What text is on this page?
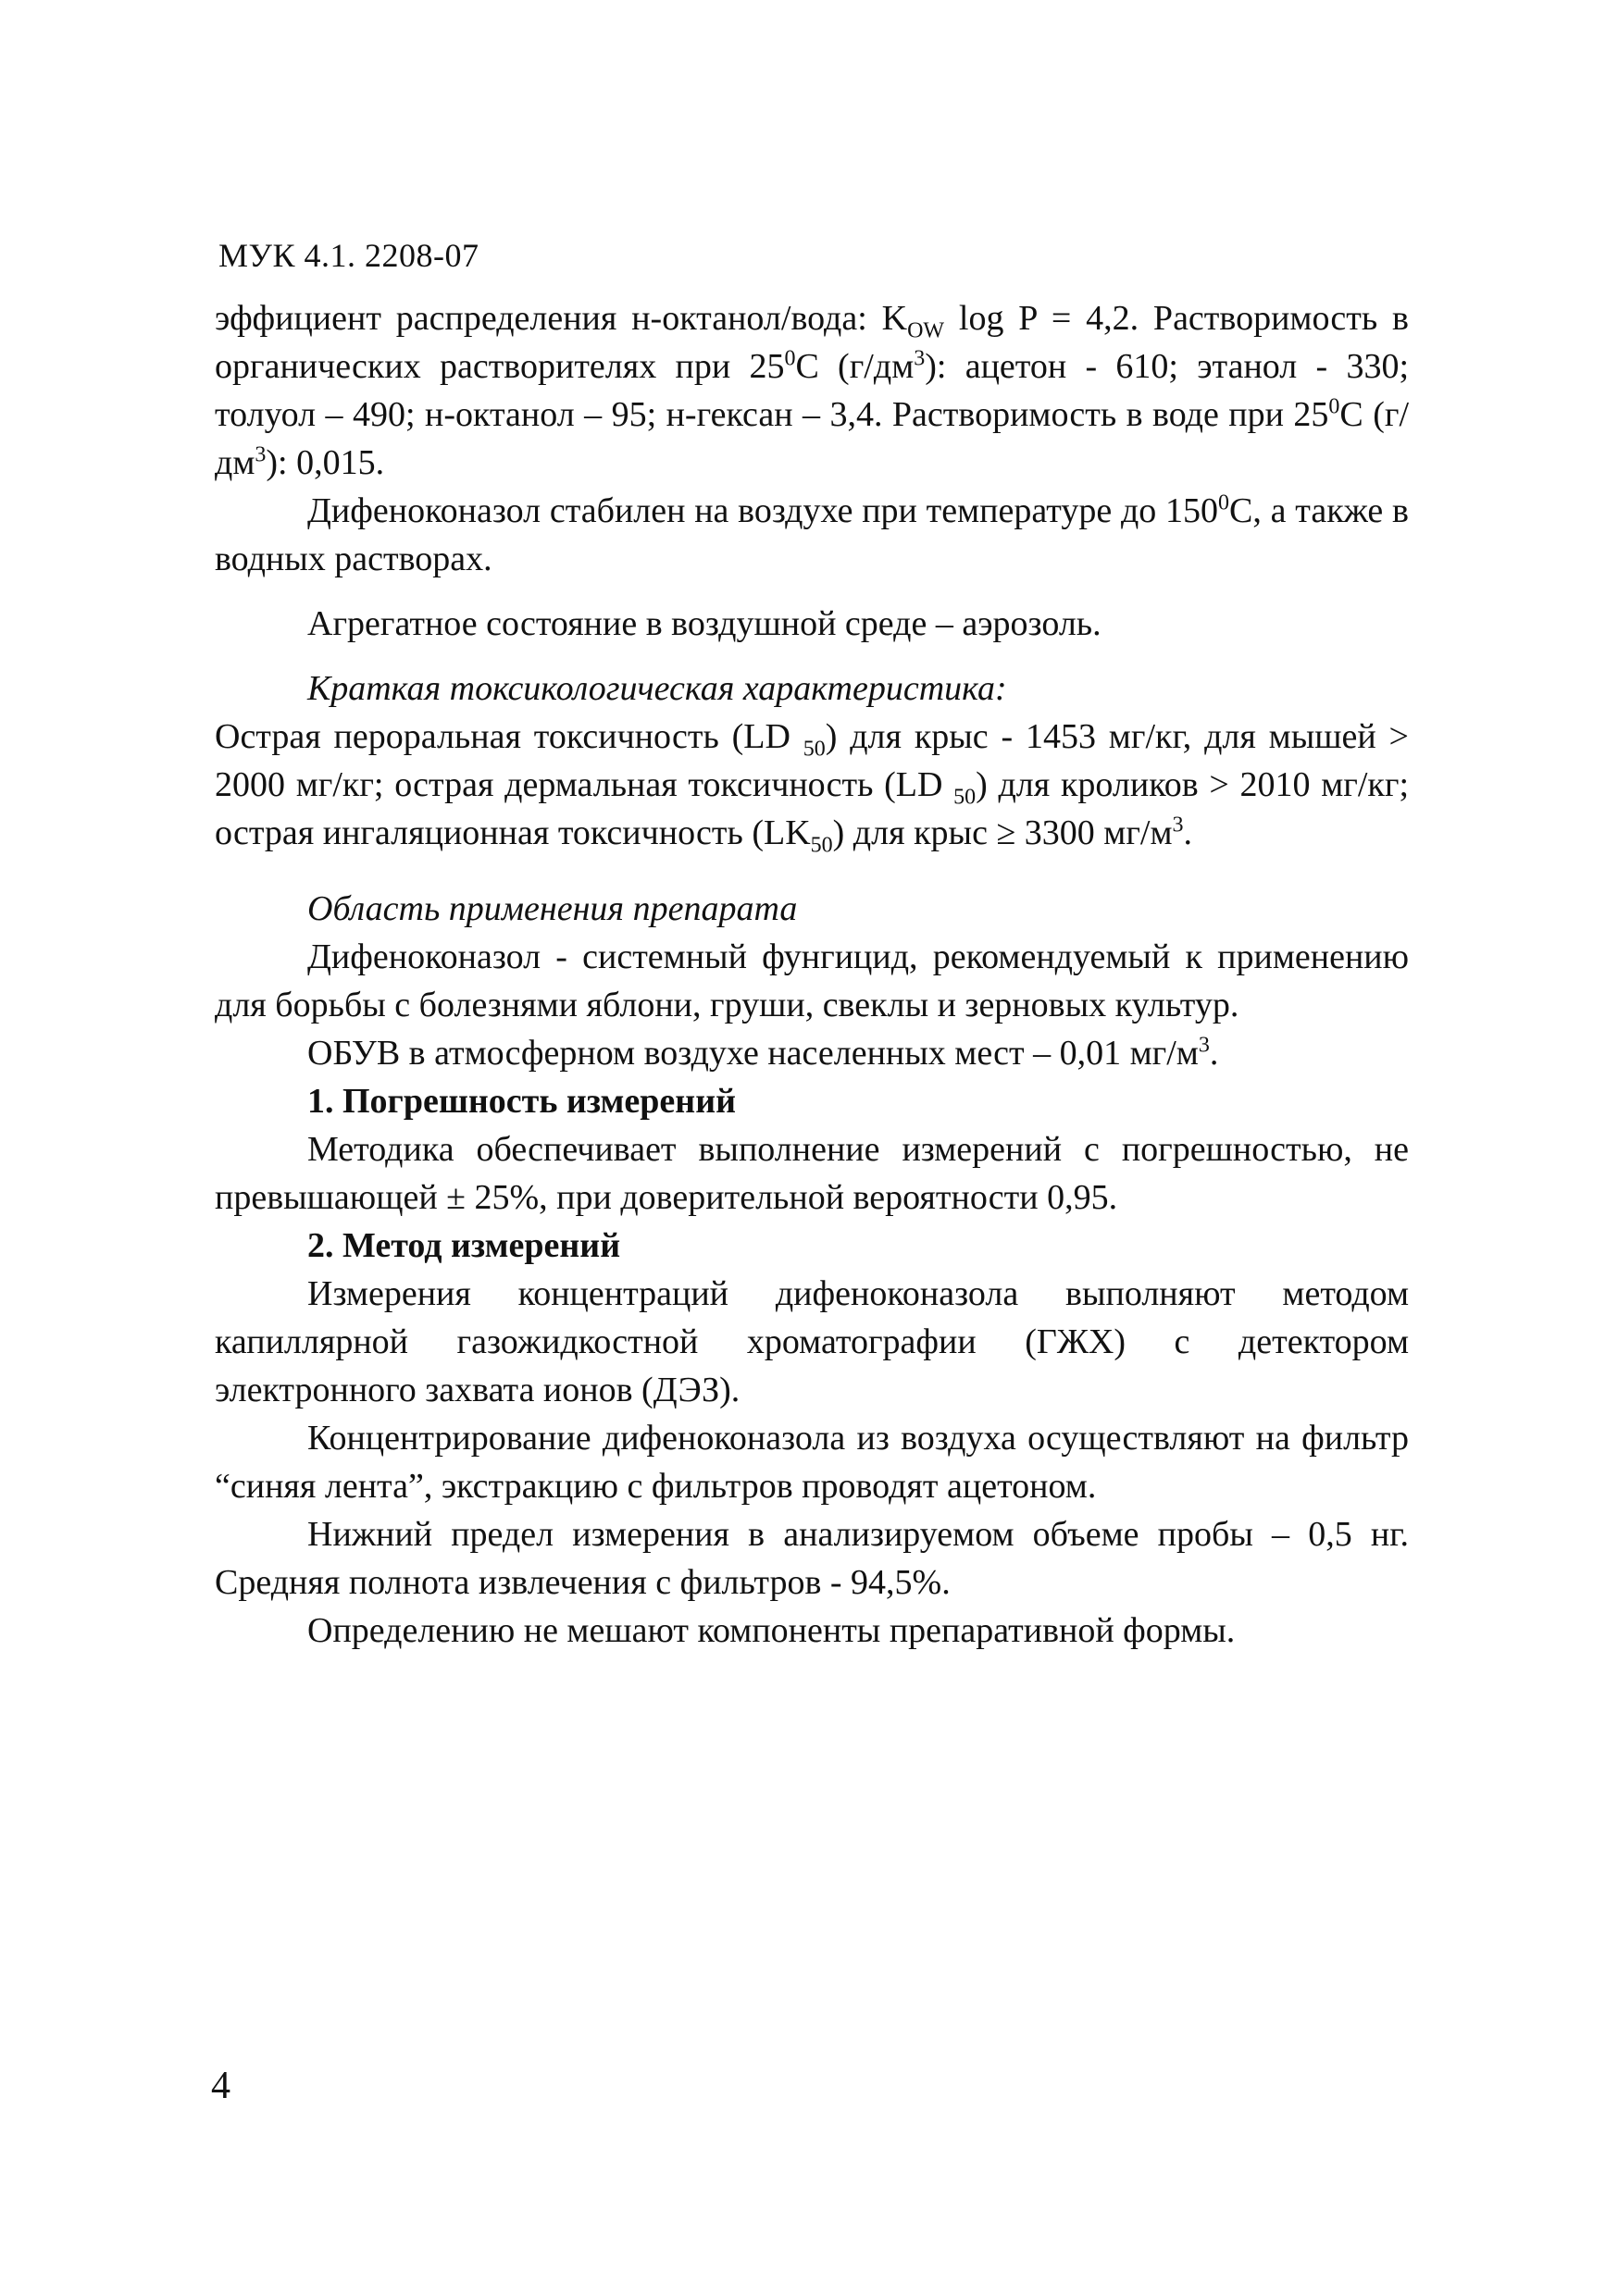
МУК 4.1. 2208-07

эффициент распределения н-октанол/вода: $K_{OW}$ log P = 4,2. Растворимость в органических растворителях при $25^0С$ $(г/дм^3)$: ацетон - 610; этанол - 330; толуол – 490; н-октанол – 95; н-гексан – 3,4. Растворимость в воде при $25^0С$ $(г/дм^3)$: 0,015.

Дифеноконазол стабилен на воздухе при температуре до $150^0С$, а также в водных растворах.

Агрегатное состояние в воздушной среде – аэрозоль.

Краткая токсикологическая характеристика:

Острая пероральная токсичность (LD $_{50}$) для крыс - 1453 мг/кг, для мышей > 2000 мг/кг; острая дермальная токсичность (LD $_{50}$) для кроликов > 2010 мг/кг; острая ингаляционная токсичность $(LK_{50})$ для крыс ≥ 3300 $мг/м^3$.

Область применения препарата

Дифеноконазол - системный фунгицид, рекомендуемый к применению для борьбы с болезнями яблони, груши, свеклы и зерновых культур.

ОБУВ в атмосферном воздухе населенных мест – 0,01 $мг/м^3$.

1. Погрешность измерений

Методика обеспечивает выполнение измерений с погрешностью, не превышающей ± 25%, при доверительной вероятности 0,95.

2. Метод измерений

Измерения концентраций дифеноконазола выполняют методом капиллярной газожидкостной хроматографии (ГЖХ) с детектором электронного захвата ионов (ДЭЗ).

Концентрирование дифеноконазола из воздуха осуществляют на фильтр “синяя лента”, экстракцию с фильтров проводят ацетоном.

Нижний предел измерения в анализируемом объеме пробы – 0,5 нг. Средняя полнота извлечения с фильтров - 94,5%.

Определению не мешают компоненты препаративной формы.

4
